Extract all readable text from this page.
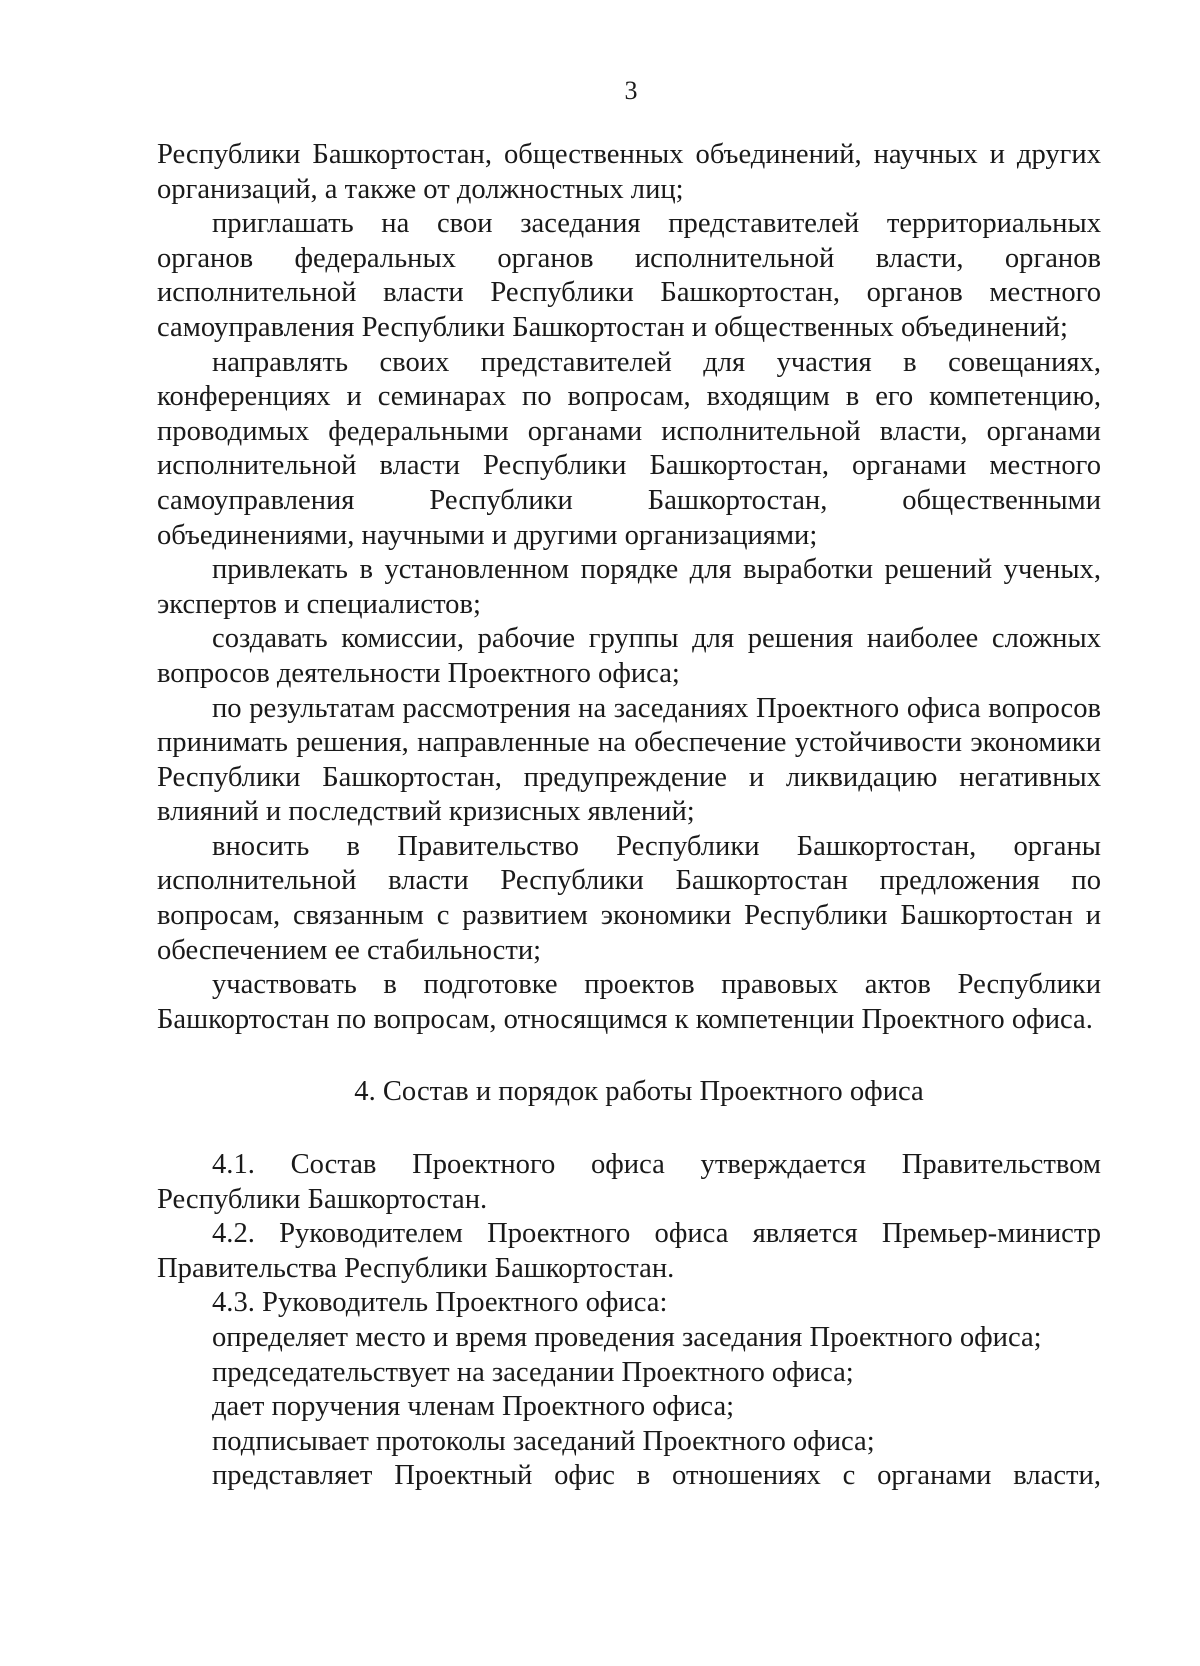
3

Республики Башкортостан, общественных объединений, научных и других организаций, а также от должностных лиц;

приглашать на свои заседания представителей территориальных органов федеральных органов исполнительной власти, органов исполнительной власти Республики Башкортостан, органов местного самоуправления Республики Башкортостан и общественных объединений;

направлять своих представителей для участия в совещаниях, конференциях и семинарах по вопросам, входящим в его компетенцию, проводимых федеральными органами исполнительной власти, органами исполнительной власти Республики Башкортостан, органами местного самоуправления Республики Башкортостан, общественными объединениями, научными и другими организациями;

привлекать в установленном порядке для выработки решений ученых, экспертов и специалистов;

создавать комиссии, рабочие группы для решения наиболее сложных вопросов деятельности Проектного офиса;

по результатам рассмотрения на заседаниях Проектного офиса вопросов принимать решения, направленные на обеспечение устойчивости экономики Республики Башкортостан, предупреждение и ликвидацию негативных влияний и последствий кризисных явлений;

вносить в Правительство Республики Башкортостан, органы исполнительной власти Республики Башкортостан предложения по вопросам, связанным с развитием экономики Республики Башкортостан и обеспечением ее стабильности;

участвовать в подготовке проектов правовых актов Республики Башкортостан по вопросам, относящимся к компетенции Проектного офиса.

4. Состав и порядок работы Проектного офиса

4.1. Состав Проектного офиса утверждается Правительством Республики Башкортостан.

4.2. Руководителем Проектного офиса является Премьер-министр Правительства Республики Башкортостан.

4.3. Руководитель Проектного офиса:

определяет место и время проведения заседания Проектного офиса;

председательствует на заседании Проектного офиса;

дает поручения членам Проектного офиса;

подписывает протоколы заседаний Проектного офиса;

представляет Проектный офис в отношениях с органами власти,
